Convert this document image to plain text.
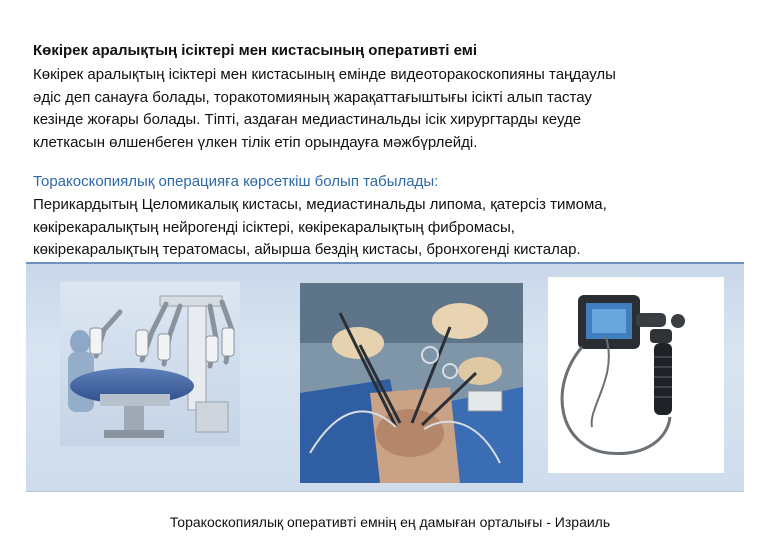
Көкірек аралықтың ісіктері мен кистасының оперативті емі
Көкірек аралықтың ісіктері мен кистасының емінде видеоторакоскопияны таңдаулы
әдіс деп санауға болады, торакотомияның жарақаттағыштығы ісікті алып тастау
кезінде жоғары болады. Тіпті, аздаған медиастинальды ісік хирургтарды кеуде
клеткасын өлшенбеген үлкен тілік етіп орындауға мәжбүрлейді.
Торакоскопиялық операцияға көрсеткіш болып табылады:
Перикардытың Целомикалық кистасы, медиастинальды липома, қатерсіз тимома,
көкірекаралықтың нейрогенді ісіктері, көкірекаралықтың фибромасы,
көкірекаралықтың тератомасы, айырша бездің кистасы, бронхогенді кисталар.
Торакоскопиялық оперативті емнің ең дамыған орталығы - Израиль
